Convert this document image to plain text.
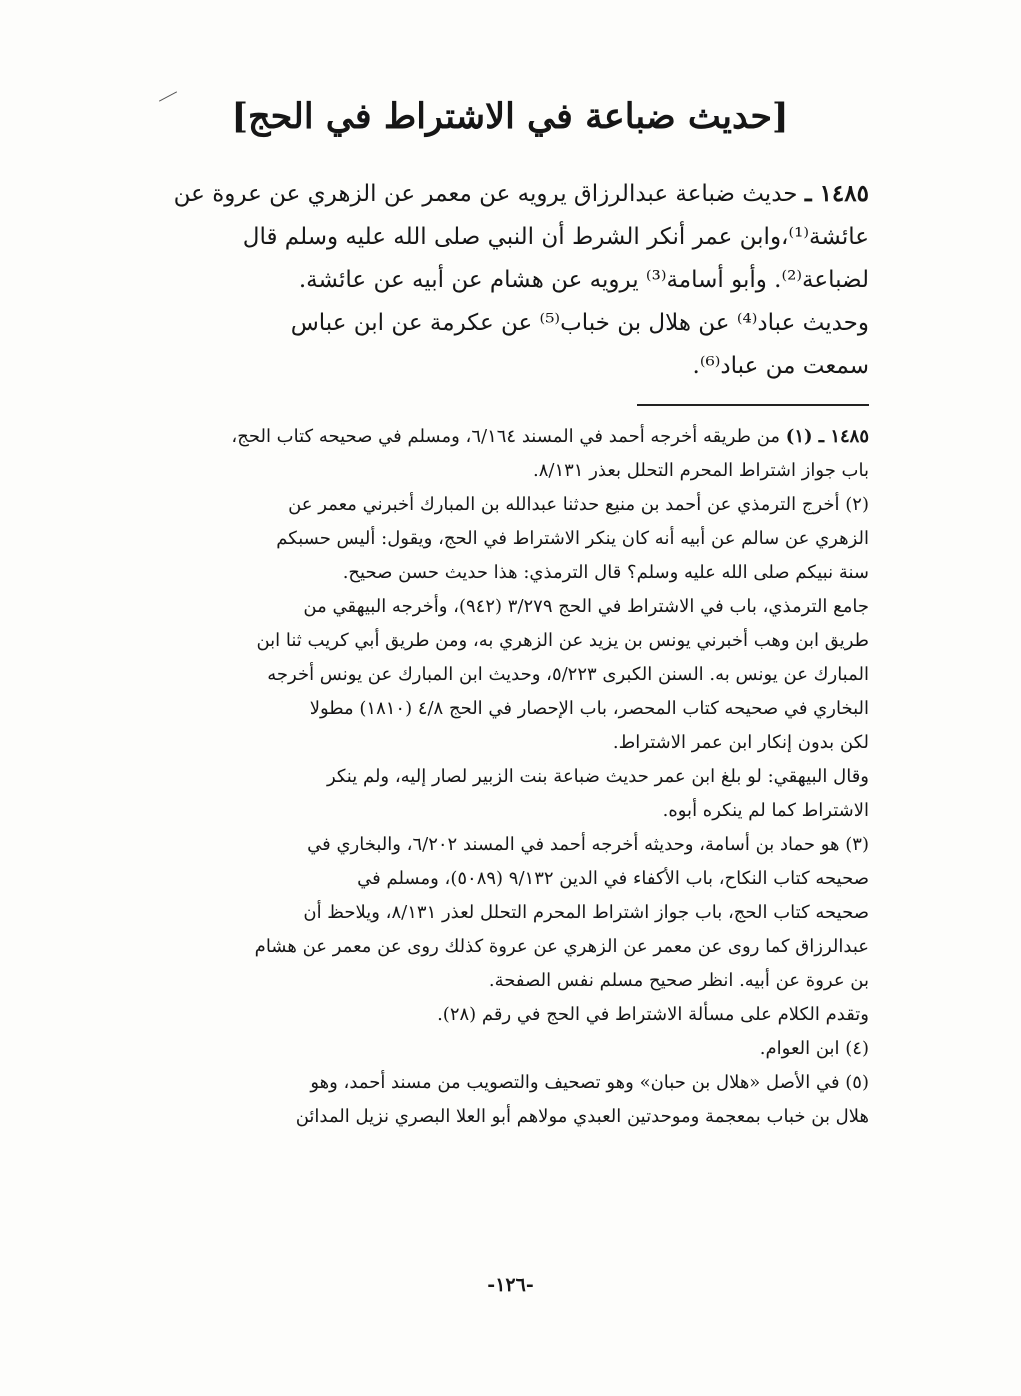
[حديث ضباعة في الاشتراط في الحج]
١٤٨٥ ـ حديث ضباعة عبدالرزاق يرويه عن معمر عن الزهري عن عروة عن
عائشة⁽¹⁾،وابن عمر أنكر الشرط أن النبي صلى الله عليه وسلم قال
لضباعة⁽²⁾. وأبو أسامة⁽³⁾ يرويه عن هشام عن أبيه عن عائشة.
وحديث عباد⁽⁴⁾ عن هلال بن خباب⁽⁵⁾ عن عكرمة عن ابن عباس
سمعت من عباد⁽⁶⁾.
١٤٨٥ ـ (١) من طريقه أخرجه أحمد في المسند ٦/١٦٤، ومسلم في صحيحه كتاب الحج،
باب جواز اشتراط المحرم التحلل بعذر ٨/١٣١.
(٢) أخرج الترمذي عن أحمد بن منيع حدثنا عبدالله بن المبارك أخبرني معمر عن
الزهري عن سالم عن أبيه أنه كان ينكر الاشتراط في الحج، ويقول: أليس حسبكم
سنة نبيكم صلى الله عليه وسلم؟ قال الترمذي: هذا حديث حسن صحيح.
جامع الترمذي، باب في الاشتراط في الحج ٣/٢٧٩ (٩٤٢)، وأخرجه البيهقي من
طريق ابن وهب أخبرني يونس بن يزيد عن الزهري به، ومن طريق أبي كريب ثنا ابن
المبارك عن يونس به. السنن الكبرى ٥/٢٢٣، وحديث ابن المبارك عن يونس أخرجه
البخاري في صحيحه كتاب المحصر، باب الإحصار في الحج ٤/٨ (١٨١٠) مطولا
لكن بدون إنكار ابن عمر الاشتراط.
وقال البيهقي: لو بلغ ابن عمر حديث ضباعة بنت الزبير لصار إليه، ولم ينكر
الاشتراط كما لم ينكره أبوه.
(٣) هو حماد بن أسامة، وحديثه أخرجه أحمد في المسند ٦/٢٠٢، والبخاري في
صحيحه كتاب النكاح، باب الأكفاء في الدين ٩/١٣٢ (٥٠٨٩)، ومسلم في
صحيحه كتاب الحج، باب جواز اشتراط المحرم التحلل لعذر ٨/١٣١، ويلاحظ أن
عبدالرزاق كما روى عن معمر عن الزهري عن عروة كذلك روى عن معمر عن هشام
بن عروة عن أبيه. انظر صحيح مسلم نفس الصفحة.
وتقدم الكلام على مسألة الاشتراط في الحج في رقم (٢٨).
(٤) ابن العوام.
(٥) في الأصل «هلال بن حبان» وهو تصحيف والتصويب من مسند أحمد، وهو
هلال بن خباب بمعجمة وموحدتين العبدي مولاهم أبو العلا البصري نزيل المدائن
-١٢٦-
